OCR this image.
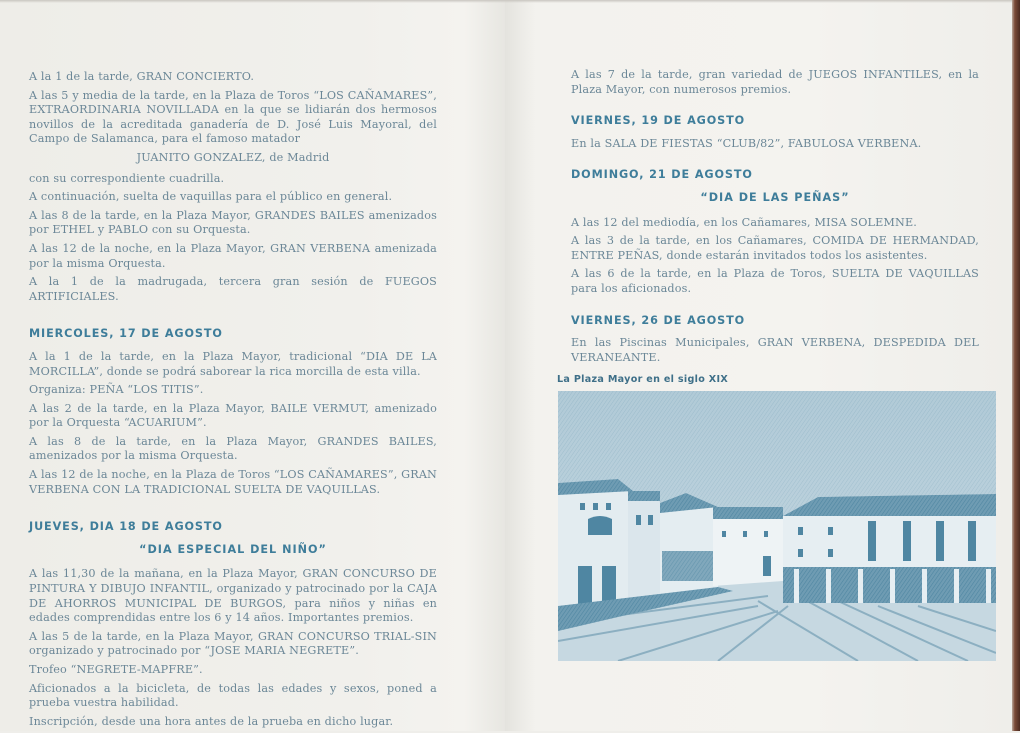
A la 1 de la tarde, GRAN CONCIERTO.

A las 5 y media de la tarde, en la Plaza de Toros “LOS CAÑAMARES”, EXTRAORDINARIA NOVILLADA en la que se lidiarán dos hermosos novillos de la acreditada ganadería de D. José Luis Mayoral, del Campo de Salamanca, para el famoso matador

JUANITO GONZALEZ, de Madrid

con su correspondiente cuadrilla.

A continuación, suelta de vaquillas para el público en general.

A las 8 de la tarde, en la Plaza Mayor, GRANDES BAILES amenizados por ETHEL y PABLO con su Orquesta.

A las 12 de la noche, en la Plaza Mayor, GRAN VERBENA amenizada por la misma Orquesta.

A la 1 de la madrugada, tercera gran sesión de FUEGOS ARTIFICIALES.

MIERCOLES, 17 DE AGOSTO

A la 1 de la tarde, en la Plaza Mayor, tradicional “DIA DE LA MORCILLA”, donde se podrá saborear la rica morcilla de esta villa.

Organiza: PEÑA “LOS TITIS”.

A las 2 de la tarde, en la Plaza Mayor, BAILE VERMUT, amenizado por la Orquesta “ACUARIUM”.

A las 8 de la tarde, en la Plaza Mayor, GRANDES BAILES, amenizados por la misma Orquesta.

A las 12 de la noche, en la Plaza de Toros “LOS CAÑAMARES”, GRAN VERBENA CON LA TRADICIONAL SUELTA DE VAQUILLAS.

JUEVES, DIA 18 DE AGOSTO
“DIA ESPECIAL DEL NIÑO”

A las 11,30 de la mañana, en la Plaza Mayor, GRAN CONCURSO DE PINTURA Y DIBUJO INFANTIL, organizado y patrocinado por la CAJA DE AHORROS MUNICIPAL DE BURGOS, para niños y niñas en edades comprendidas entre los 6 y 14 años. Importantes premios.

A las 5 de la tarde, en la Plaza Mayor, GRAN CONCURSO TRIAL-SIN organizado y patrocinado por “JOSE MARIA NEGRETE”.

Trofeo “NEGRETE-MAPFRE”.

Aficionados a la bicicleta, de todas las edades y sexos, poned a prueba vuestra habilidad.

Inscripción, desde una hora antes de la prueba en dicho lugar.

A las 7 de la tarde, gran variedad de JUEGOS INFANTILES, en la Plaza Mayor, con numerosos premios.

VIERNES, 19 DE AGOSTO

En la SALA DE FIESTAS “CLUB/82”, FABULOSA VERBENA.

DOMINGO, 21 DE AGOSTO
“DIA DE LAS PEÑAS”

A las 12 del mediodía, en los Cañamares, MISA SOLEMNE.

A las 3 de la tarde, en los Cañamares, COMIDA DE HERMANDAD, ENTRE PEÑAS, donde estarán invitados todos los asistentes.

A las 6 de la tarde, en la Plaza de Toros, SUELTA DE VAQUILLAS para los aficionados.

VIERNES, 26 DE AGOSTO

En las Piscinas Municipales, GRAN VERBENA, DESPEDIDA DEL VERANEANTE.

La Plaza Mayor en el siglo XIX
